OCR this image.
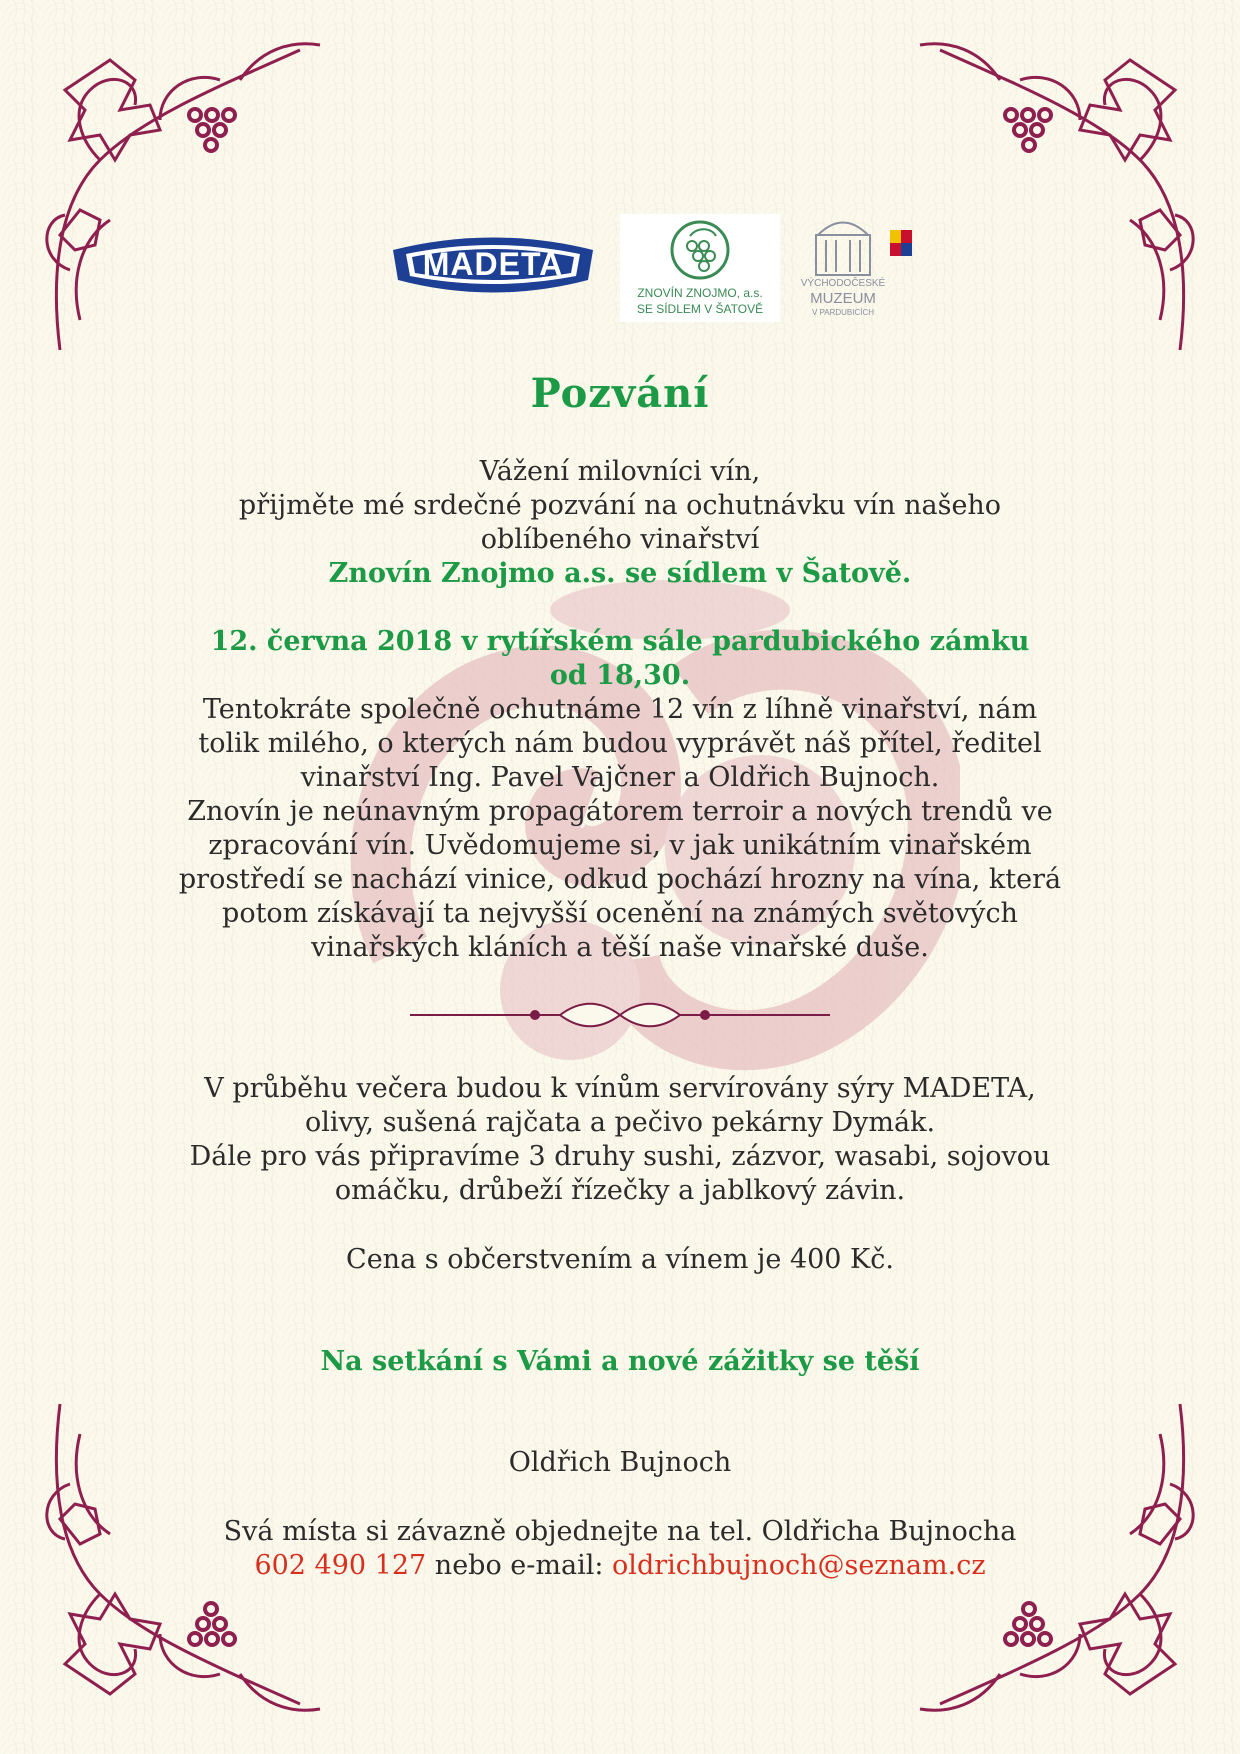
MADETA
ZNOVÍN ZNOJMO, a.s.
SE SÍDLEM V ŠATOVĚ
VÝCHODOČESKÉ
MUZEUM
V PARDUBICÍCH
Pozvání
Vážení milovníci vín,
přijměte mé srdečné pozvání na ochutnávku vín našeho
oblíbeného vinařství
Znovín Znojmo a.s. se sídlem v Šatově.
12. června 2018 v rytířském sále pardubického zámku
od 18,30.
Tentokráte společně ochutnáme 12 vín z líhně vinařství, nám
tolik milého, o kterých nám budou vyprávět náš přítel, ředitel
vinařství Ing. Pavel Vajčner a Oldřich Bujnoch.
Znovín je neúnavným propagátorem terroir a nových trendů ve
zpracování vín. Uvědomujeme si, v jak unikátním vinařském
prostředí se nachází vinice, odkud pochází hrozny na vína, která
potom získávají ta nejvyšší ocenění na známých světových
vinařských kláních a těší naše vinařské duše.
V průběhu večera budou k vínům servírovány sýry MADETA,
olivy, sušená rajčata a pečivo pekárny Dymák.
Dále pro vás připravíme 3 druhy sushi, zázvor, wasabi, sojovou
omáčku, drůbeží řízečky a jablkový závin.
Cena s občerstvením a vínem je 400 Kč.
Na setkání s Vámi a nové zážitky se těší
Oldřich Bujnoch
Svá místa si závazně objednejte na tel. Oldřicha Bujnocha
602 490 127 nebo e-mail: oldrichbujnoch@seznam.cz
